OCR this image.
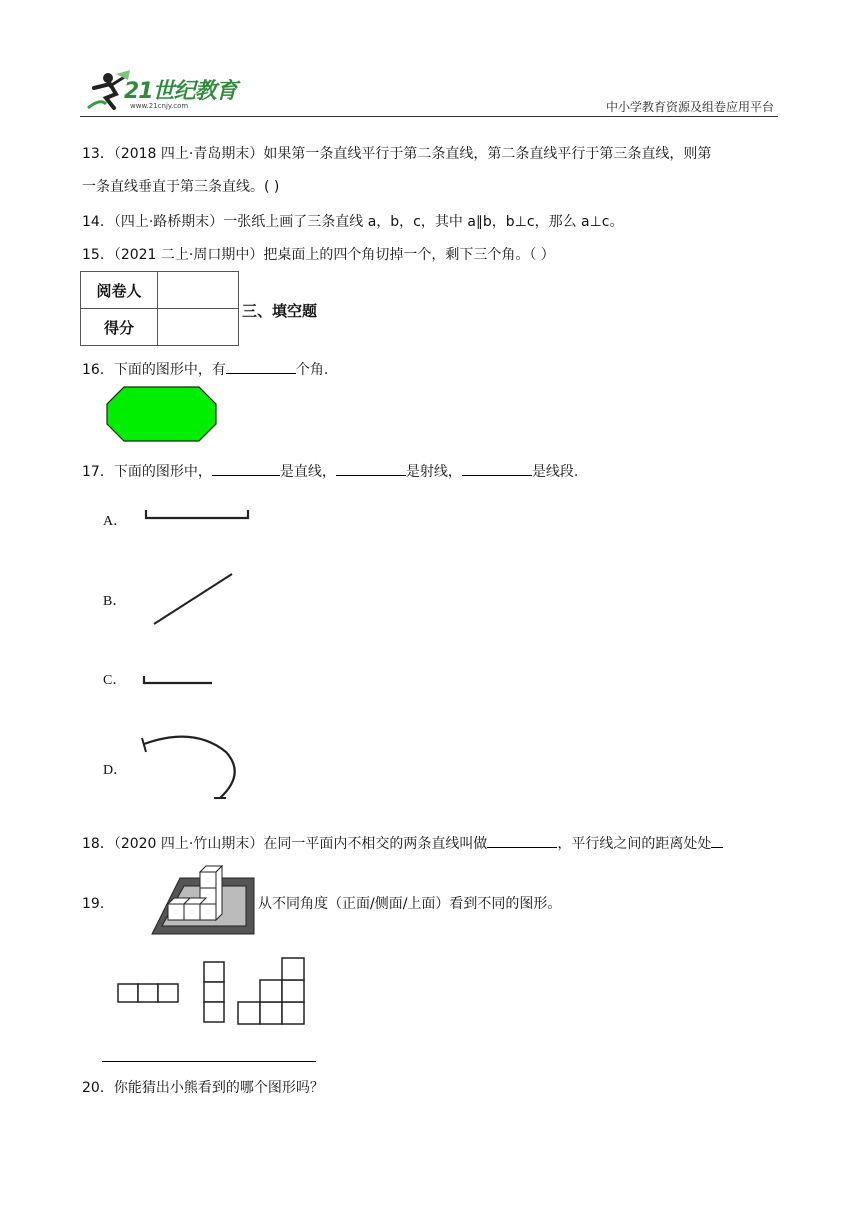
21世纪教育
www.21cnjy.com	中小学教育资源及组卷应用平台
13．（2018 四上·青岛期末）如果第一条直线平行于第二条直线，第二条直线平行于第三条直线，则第
一条直线垂直于第三条直线。( )
14．（四上·路桥期末）一张纸上画了三条直线 a，b，c，其中 a∥b，b⊥c，那么 a⊥c。
15．（2021 二上·周口期中）把桌面上的四个角切掉一个，剩下三个角。（ ）
阅卷人	
得分	
三、填空题
16．下面的图形中，有	个角.
17．下面的图形中，	是直线，	是射线，	是线段.
A．
B．
C．
D．
18．（2020 四上·竹山期末）在同一平面内不相交的两条直线叫做	，平行线之间的距离处处
19．	从不同角度（正面/侧面/上面）看到不同的图形。
20．你能猜出小熊看到的哪个图形吗？
